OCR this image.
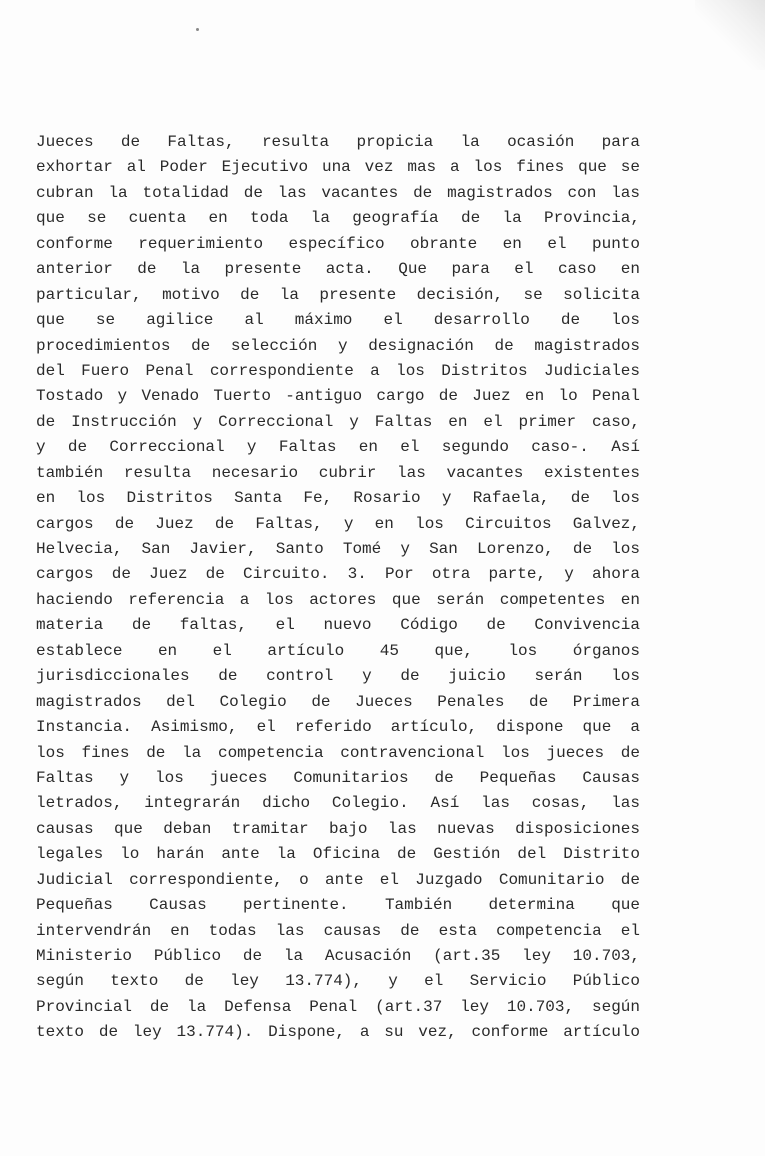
Jueces de Faltas, resulta propicia la ocasión para
exhortar al Poder Ejecutivo una vez mas a los fines que se
cubran la totalidad de las vacantes de magistrados con las
que se cuenta en toda la geografía de la Provincia,
conforme requerimiento específico obrante en el punto
anterior de la presente acta. Que para el caso en
particular, motivo de la presente decisión, se solicita
que se agilice al máximo el desarrollo de los
procedimientos de selección y designación de magistrados
del Fuero Penal correspondiente a los Distritos Judiciales
Tostado y Venado Tuerto -antiguo cargo de Juez en lo Penal
de Instrucción y Correccional y Faltas en el primer caso,
y de Correccional y Faltas en el segundo caso-. Así
también resulta necesario cubrir las vacantes existentes
en los Distritos Santa Fe, Rosario y Rafaela, de los
cargos de Juez de Faltas, y en los Circuitos Galvez,
Helvecia, San Javier, Santo Tomé y San Lorenzo, de los
cargos de Juez de Circuito. 3. Por otra parte, y ahora
haciendo referencia a los actores que serán competentes en
materia de faltas, el nuevo Código de Convivencia
establece en el artículo 45 que, los órganos
jurisdiccionales de control y de juicio serán los
magistrados del Colegio de Jueces Penales de Primera
Instancia. Asimismo, el referido artículo, dispone que a
los fines de la competencia contravencional los jueces de
Faltas y los jueces Comunitarios de Pequeñas Causas
letrados, integrarán dicho Colegio. Así las cosas, las
causas que deban tramitar bajo las nuevas disposiciones
legales lo harán ante la Oficina de Gestión del Distrito
Judicial correspondiente, o ante el Juzgado Comunitario de
Pequeñas Causas pertinente. También determina que
intervendrán en todas las causas de esta competencia el
Ministerio Público de la Acusación (art.35 ley 10.703,
según texto de ley 13.774), y el Servicio Público
Provincial de la Defensa Penal (art.37 ley 10.703, según
texto de ley 13.774). Dispone, a su vez, conforme artículo
